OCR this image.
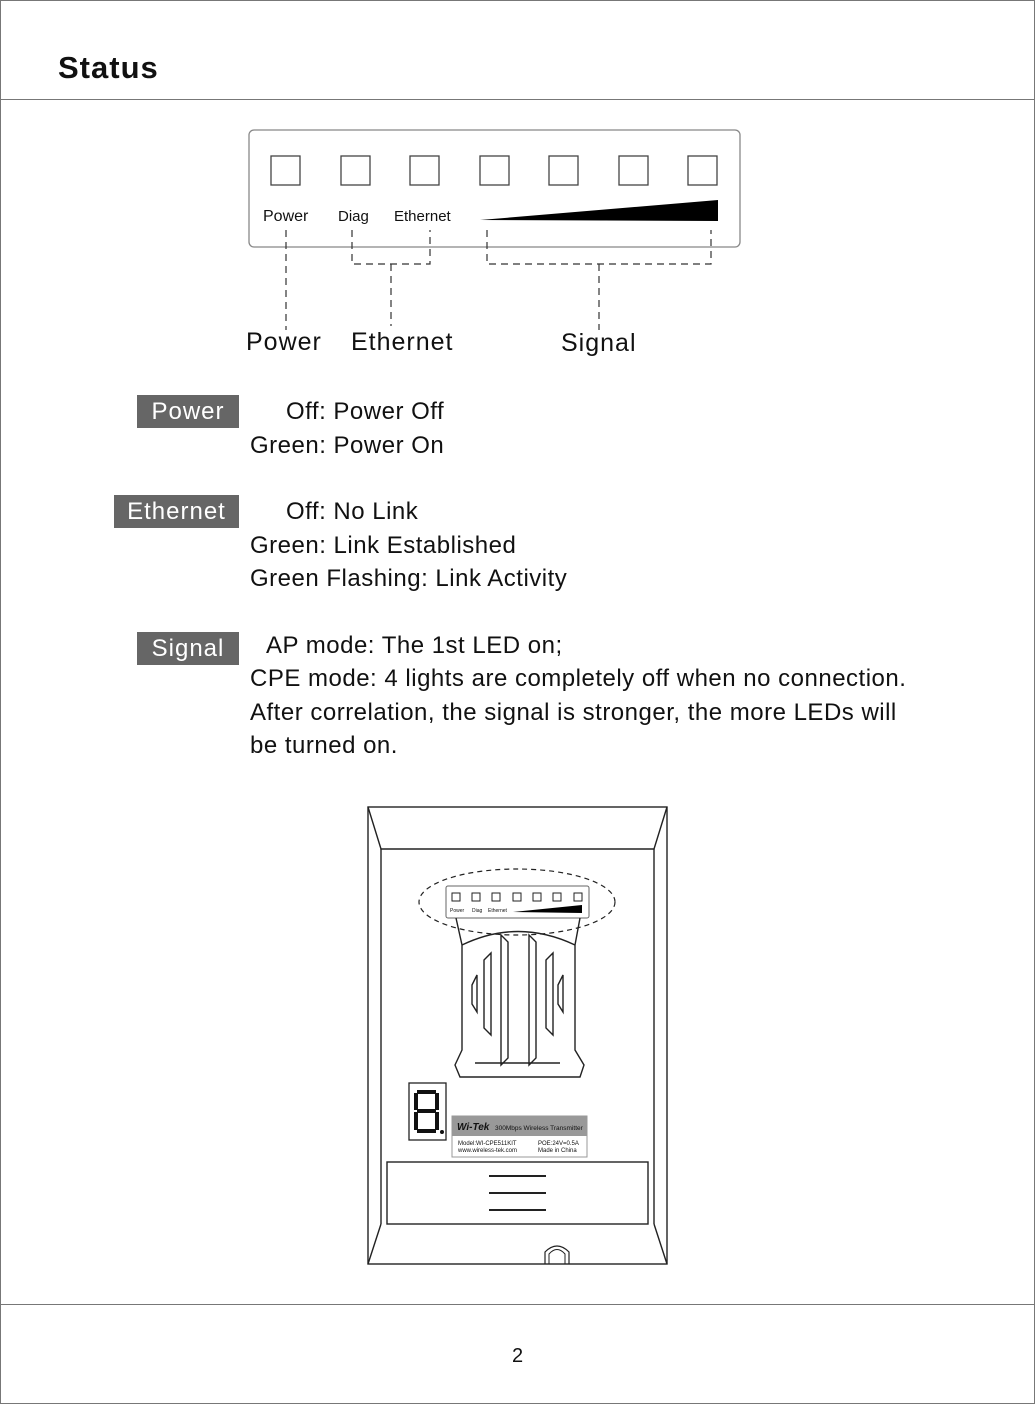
Status
Power Diag Ethernet
Power Diag Ethernet
Wi-Tek 300Mbps Wireless Transmitter
Model:WI-CPE511KIT
www.wireless-tek.com
POE:24V=0.5A
Made in China
Power Ethernet	Signal
Power	Off: Power Off
Green: Power On
Ethernet	Off: No Link
Green: Link Established
Green Flashing: Link Activity
Signal	AP mode: The 1st LED on;
CPE mode: 4 lights are completely off when no connection.
After correlation, the signal is stronger, the more LEDs will
be turned on.
2
